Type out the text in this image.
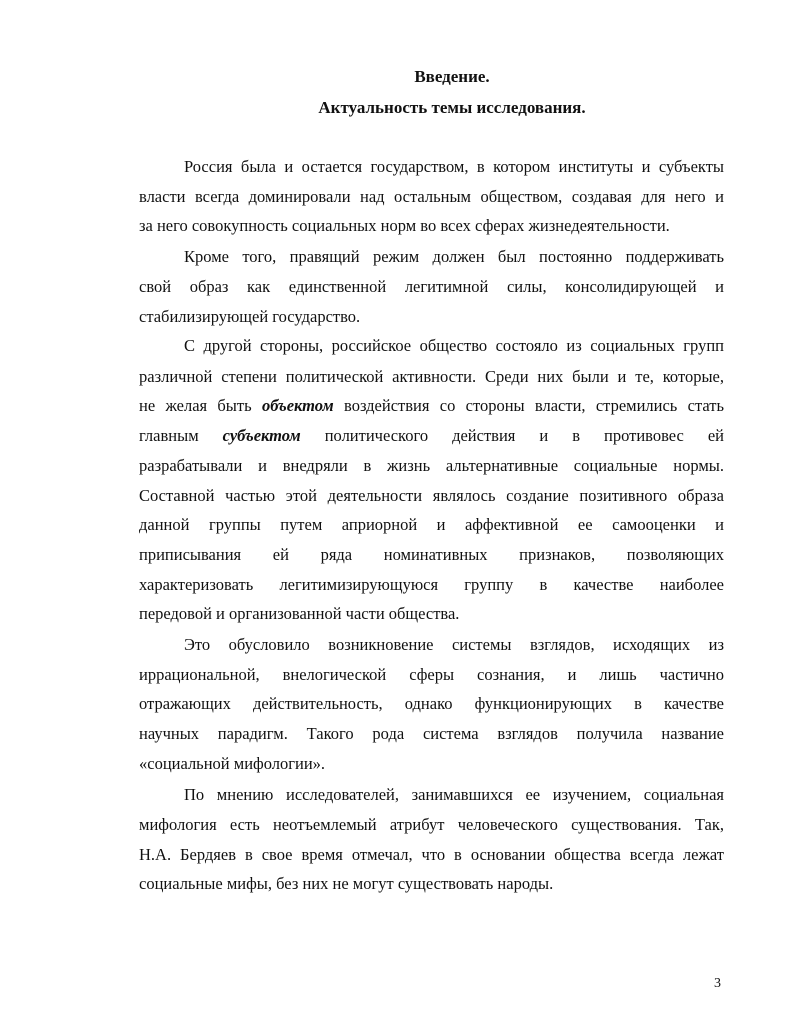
Введение.
Актуальность темы исследования.
Россия была и остается государством, в котором институты и субъекты
власти всегда доминировали над остальным обществом, создавая для него и
за него совокупность социальных норм во всех сферах жизнедеятельности.
Кроме того, правящий режим должен был постоянно поддерживать
свой образ как единственной легитимной силы, консолидирующей и
стабилизирующей государство.
С другой стороны, российское общество состояло из социальных групп
различной степени политической активности. Среди них были и те, которые,
не желая быть объектом воздействия со стороны власти, стремились стать
главным субъектом политического действия и в противовес ей
разрабатывали и внедряли в жизнь альтернативные социальные нормы.
Составной частью этой деятельности являлось создание позитивного образа
данной группы путем априорной и аффективной ее самооценки и
приписывания ей ряда номинативных признаков, позволяющих
характеризовать легитимизирующуюся группу в качестве наиболее
передовой и организованной части общества.
Это обусловило возникновение системы взглядов, исходящих из
иррациональной, внелогической сферы сознания, и лишь частично
отражающих действительность, однако функционирующих в качестве
научных парадигм. Такого рода система взглядов получила название
«социальной мифологии».
По мнению исследователей, занимавшихся ее изучением, социальная
мифология есть неотъемлемый атрибут человеческого существования. Так,
Н.А. Бердяев в свое время отмечал, что в основании общества всегда лежат
социальные мифы, без них не могут существовать народы.
3
